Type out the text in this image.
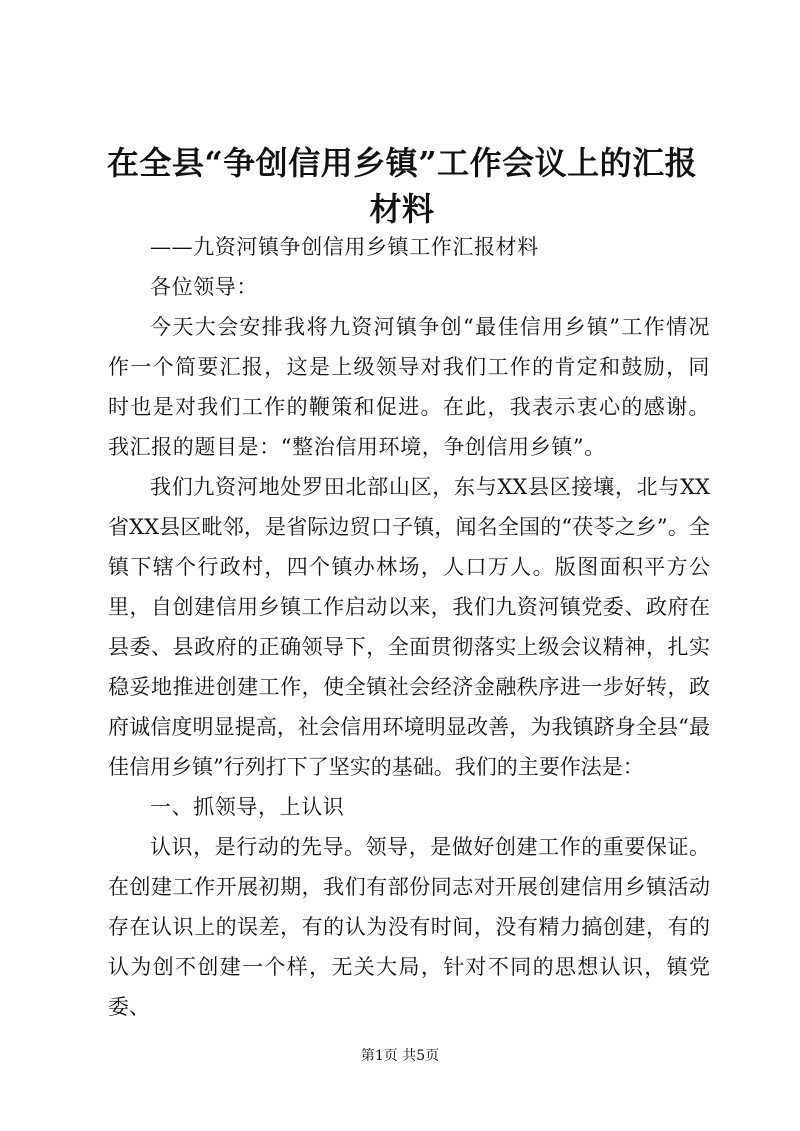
在全县“争创信用乡镇”工作会议上的汇报材料

——九资河镇争创信用乡镇工作汇报材料

各位领导：

今天大会安排我将九资河镇争创“最佳信用乡镇”工作情况作一个简要汇报，这是上级领导对我们工作的肯定和鼓励，同时也是对我们工作的鞭策和促进。在此，我表示衷心的感谢。我汇报的题目是：“整治信用环境，争创信用乡镇”。

我们九资河地处罗田北部山区，东与XX县区接壤，北与XX省XX县区毗邻，是省际边贸口子镇，闻名全国的“茯苓之乡”。全镇下辖个行政村，四个镇办林场，人口万人。版图面积平方公里，自创建信用乡镇工作启动以来，我们九资河镇党委、政府在县委、县政府的正确领导下，全面贯彻落实上级会议精神，扎实稳妥地推进创建工作，使全镇社会经济金融秩序进一步好转，政府诚信度明显提高，社会信用环境明显改善，为我镇跻身全县“最佳信用乡镇”行列打下了坚实的基础。我们的主要作法是：

一、抓领导，上认识

认识，是行动的先导。领导，是做好创建工作的重要保证。在创建工作开展初期，我们有部份同志对开展创建信用乡镇活动存在认识上的误差，有的认为没有时间，没有精力搞创建，有的认为创不创建一个样，无关大局，针对不同的思想认识，镇党委、

第1页 共5页
